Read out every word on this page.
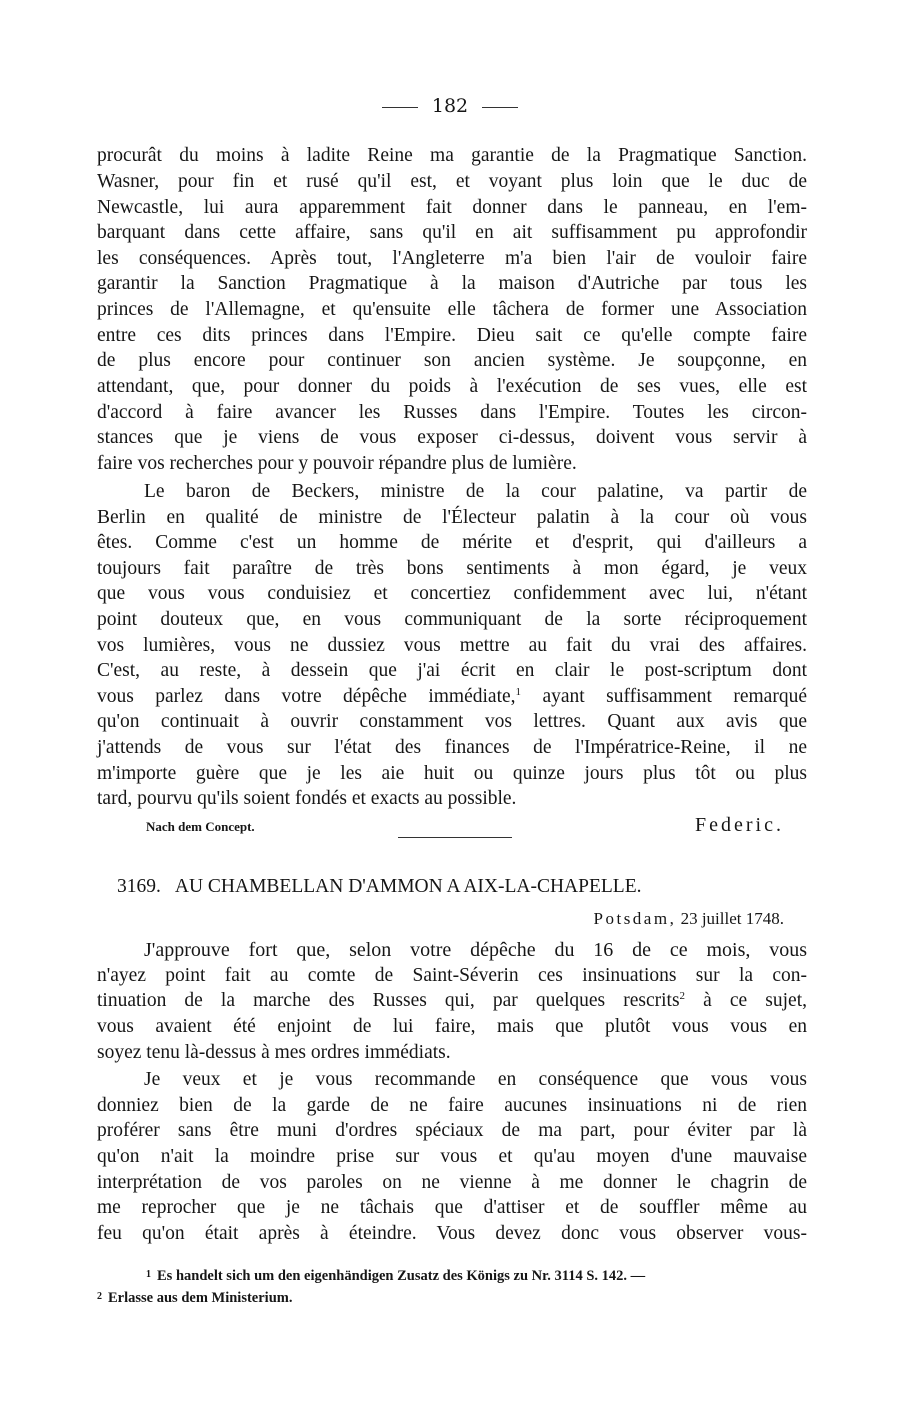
182
procurât du moins à ladite Reine ma garantie de la Pragmatique Sanction.
Wasner, pour fin et rusé qu'il est, et voyant plus loin que le duc de
Newcastle, lui aura apparemment fait donner dans le panneau, en l'em-
barquant dans cette affaire, sans qu'il en ait suffisamment pu approfondir
les conséquences. Après tout, l'Angleterre m'a bien l'air de vouloir faire
garantir la Sanction Pragmatique à la maison d'Autriche par tous les
princes de l'Allemagne, et qu'ensuite elle tâchera de former une Association
entre ces dits princes dans l'Empire. Dieu sait ce qu'elle compte faire
de plus encore pour continuer son ancien système. Je soupçonne, en
attendant, que, pour donner du poids à l'exécution de ses vues, elle est
d'accord à faire avancer les Russes dans l'Empire. Toutes les circon-
stances que je viens de vous exposer ci-dessus, doivent vous servir à
faire vos recherches pour y pouvoir répandre plus de lumière.
Le baron de Beckers, ministre de la cour palatine, va partir de
Berlin en qualité de ministre de l'Électeur palatin à la cour où vous
êtes. Comme c'est un homme de mérite et d'esprit, qui d'ailleurs a
toujours fait paraître de très bons sentiments à mon égard, je veux
que vous vous conduisiez et concertiez confidemment avec lui, n'étant
point douteux que, en vous communiquant de la sorte réciproquement
vos lumières, vous ne dussiez vous mettre au fait du vrai des affaires.
C'est, au reste, à dessein que j'ai écrit en clair le post-scriptum dont
vous parlez dans votre dépêche immédiate,$^1$ ayant suffisamment remarqué
qu'on continuait à ouvrir constamment vos lettres. Quant aux avis que
j'attends de vous sur l'état des finances de l'Impératrice-Reine, il ne
m'importe guère que je les aie huit ou quinze jours plus tôt ou plus
tard, pourvu qu'ils soient fondés et exacts au possible.
Nach dem Concept.	Federic.
3169. AU CHAMBELLAN D'AMMON A AIX-LA-CHAPELLE.
Potsdam, 23 juillet 1748.
J'approuve fort que, selon votre dépêche du 16 de ce mois, vous
n'ayez point fait au comte de Saint-Séverin ces insinuations sur la con-
tinuation de la marche des Russes qui, par quelques rescrits$^2$ à ce sujet,
vous avaient été enjoint de lui faire, mais que plutôt vous vous en
soyez tenu là-dessus à mes ordres immédiats.
Je veux et je vous recommande en conséquence que vous vous
donniez bien de la garde de ne faire aucunes insinuations ni de rien
proférer sans être muni d'ordres spéciaux de ma part, pour éviter par là
qu'on n'ait la moindre prise sur vous et qu'au moyen d'une mauvaise
interprétation de vos paroles on ne vienne à me donner le chagrin de
me reprocher que je ne tâchais que d'attiser et de souffler même au
feu qu'on était après à éteindre. Vous devez donc vous observer vous-
$^1$ Es handelt sich um den eigenhändigen Zusatz des Königs zu Nr. 3114 S. 142. —
$^2$ Erlasse aus dem Ministerium.
